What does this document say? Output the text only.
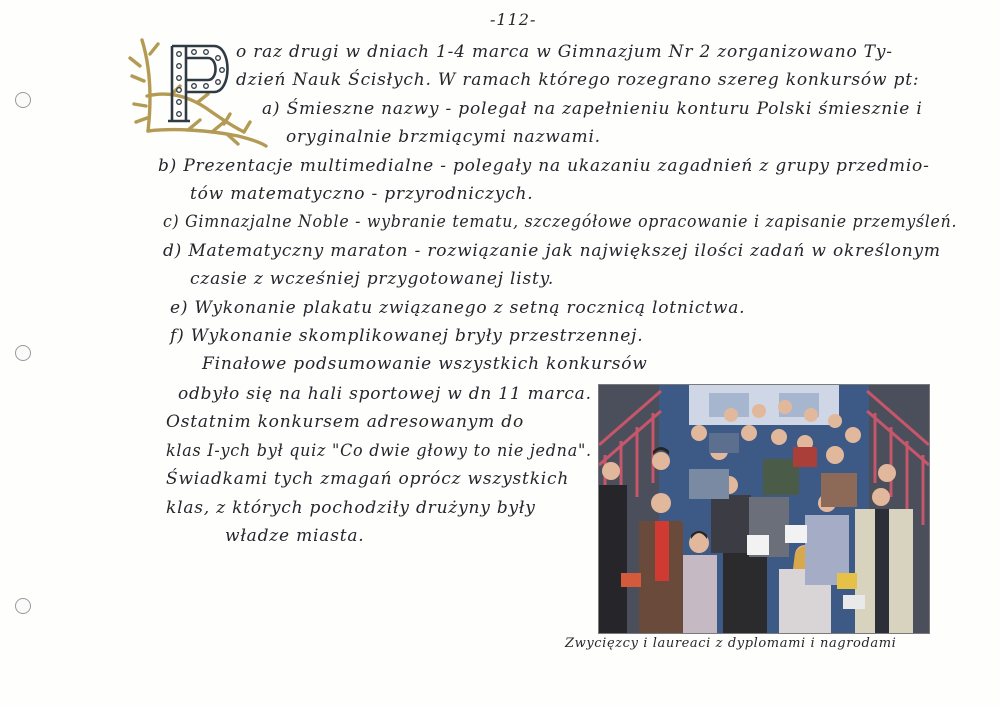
-112-
o raz drugi w dniach 1-4 marca w Gimnazjum Nr 2 zorganizowano Ty-
dzień Nauk Ścisłych. W ramach którego rozegrano szereg konkursów pt:
a) Śmieszne nazwy - polegał na zapełnieniu konturu Polski śmiesznie i
oryginalnie brzmiącymi nazwami.
b) Prezentacje multimedialne - polegały na ukazaniu zagadnień z grupy przedmio-
tów matematyczno - przyrodniczych.
c) Gimnazjalne Noble - wybranie tematu, szczegółowe opracowanie i zapisanie przemyśleń.
d) Matematyczny maraton - rozwiązanie jak największej ilości zadań w określonym
czasie z wcześniej przygotowanej listy.
e) Wykonanie plakatu związanego z setną rocznicą lotnictwa.
f) Wykonanie skomplikowanej bryły przestrzennej.
Finałowe podsumowanie wszystkich konkursów
odbyło się na hali sportowej w dn 11 marca.
Ostatnim konkursem adresowanym do
klas I-ych był quiz "Co dwie głowy to nie jedna".
Świadkami tych zmagań oprócz wszystkich
klas, z których pochodziły drużyny były
władze miasta.
Zwycięzcy i laureaci z dyplomami i nagrodami
